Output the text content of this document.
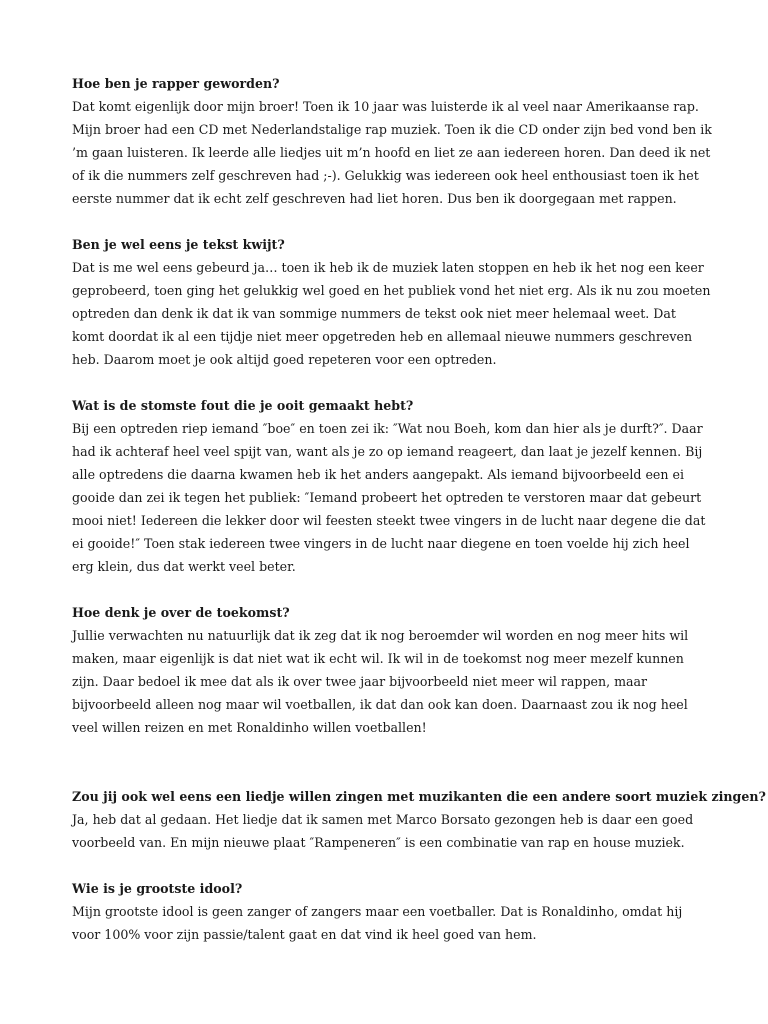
Hoe ben je rapper geworden?

Dat komt eigenlijk door mijn broer! Toen ik 10 jaar was luisterde ik al veel naar Amerikaanse rap. Mijn broer had een CD met Nederlandstalige rap muziek. Toen ik die CD onder zijn bed vond ben ik ’m gaan luisteren. Ik leerde alle liedjes uit m’n hoofd en liet ze aan iedereen horen. Dan deed ik net of ik die nummers zelf geschreven had ;-). Gelukkig was iedereen ook heel enthousiast toen ik het eerste nummer dat ik echt zelf geschreven had liet horen. Dus ben ik doorgegaan met rappen.

Ben je wel eens je tekst kwijt?

Dat is me wel eens gebeurd ja… toen ik heb ik de muziek laten stoppen en heb ik het nog een keer geprobeerd, toen ging het gelukkig wel goed en het publiek vond het niet erg. Als ik nu zou moeten optreden dan denk ik dat ik van sommige nummers de tekst ook niet meer helemaal weet. Dat komt doordat ik al een tijdje niet meer opgetreden heb en allemaal nieuwe nummers geschreven heb. Daarom moet je ook altijd goed repeteren voor een optreden.

Wat is de stomste fout die je ooit gemaakt hebt?

Bij een optreden riep iemand ″boe″ en toen zei ik: ″Wat nou Boeh, kom dan hier als je durft?″. Daar had ik achteraf heel veel spijt van, want als je zo op iemand reageert, dan laat je jezelf kennen. Bij alle optredens die daarna kwamen heb ik het anders aangepakt. Als iemand bijvoorbeeld een ei gooide dan zei ik tegen het publiek: ″Iemand probeert het optreden te verstoren maar dat gebeurt mooi niet! Iedereen die lekker door wil feesten steekt twee vingers in de lucht naar degene die dat ei gooide!″ Toen stak iedereen twee vingers in de lucht naar diegene en toen voelde hij zich heel erg klein, dus dat werkt veel beter.

Hoe denk je over de toekomst?

Jullie verwachten nu natuurlijk dat ik zeg dat ik nog beroemder wil worden en nog meer hits wil maken, maar eigenlijk is dat niet wat ik echt wil. Ik wil in de toekomst nog meer mezelf kunnen zijn. Daar bedoel ik mee dat als ik over twee jaar bijvoorbeeld niet meer wil rappen, maar bijvoorbeeld alleen nog maar wil voetballen, ik dat dan ook kan doen. Daarnaast zou ik nog heel veel willen reizen en met Ronaldinho willen voetballen!

Zou jij ook wel eens een liedje willen zingen met muzikanten die een andere soort muziek zingen?

Ja, heb dat al gedaan. Het liedje dat ik samen met Marco Borsato gezongen heb is daar een goed voorbeeld van. En mijn nieuwe plaat ″Rampeneren″ is een combinatie van rap en house muziek.

Wie is je grootste idool?

Mijn grootste idool is geen zanger of zangers maar een voetballer. Dat is Ronaldinho, omdat hij voor 100% voor zijn passie/talent gaat en dat vind ik heel goed van hem.
